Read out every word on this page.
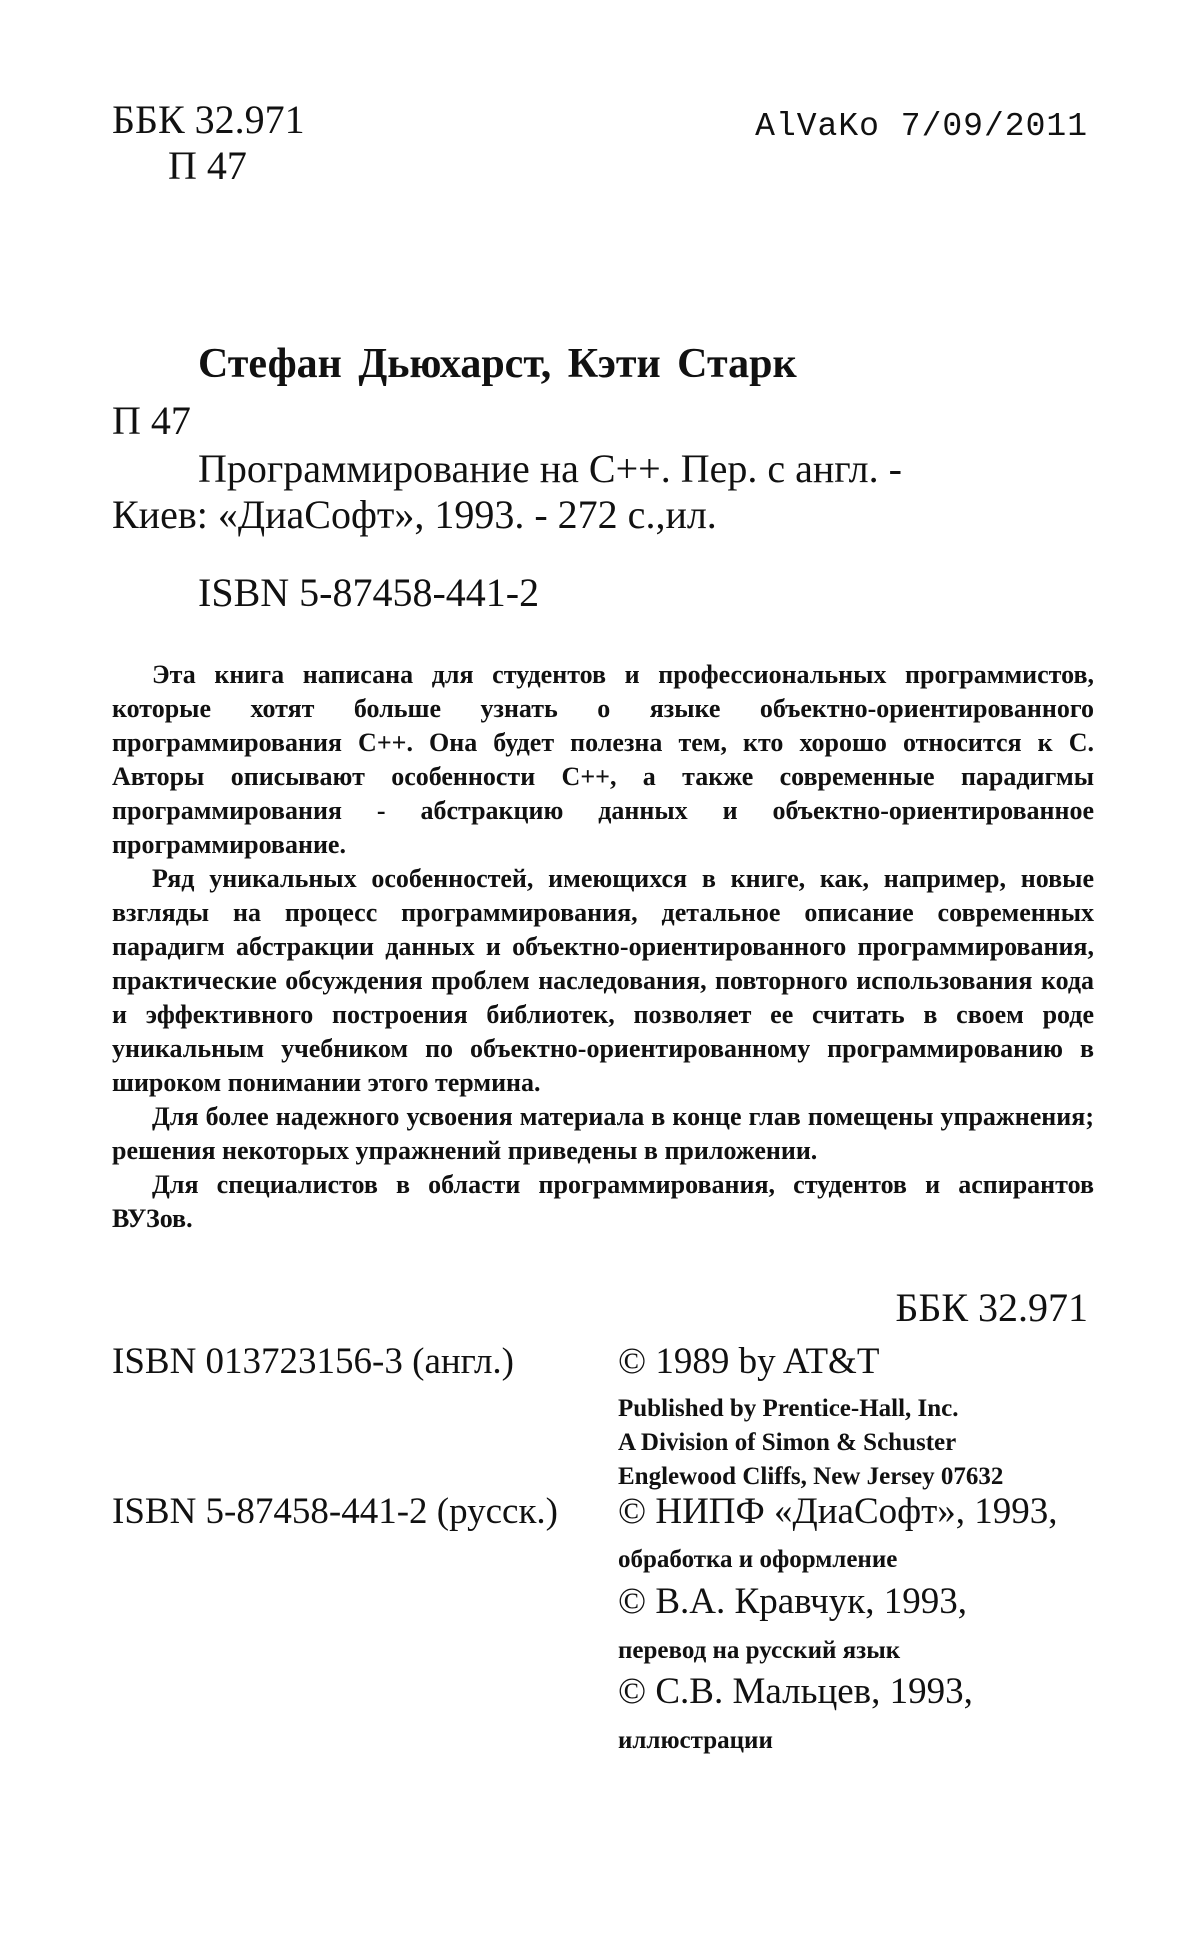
ББК 32.971
П 47
AlVaKo 7/09/2011
Стефан Дьюхарст, Кэти Старк
П 47
Программирование на С++. Пер. с англ. -
Киев: «ДиаСофт», 1993. - 272 с.,ил.
ISBN 5-87458-441-2

Эта книга написана для студентов и профессиональных программистов, которые хотят больше узнать о языке объектно-ориентированного программирования С++. Она будет полезна тем, кто хорошо относится к С. Авторы описывают особенности С++, а также современные парадигмы программирования - абстракцию данных и объектно-ориентированное программирование.

Ряд уникальных особенностей, имеющихся в книге, как, например, новые взгляды на процесс программирования, детальное описание современных парадигм абстракции данных и объектно-ориентированного программирования, практические обсуждения проблем наследования, повторного использования кода и эффективного построения библиотек, позволяет ее считать в своем роде уникальным учебником по объектно-ориентированному программированию в широком понимании этого термина.

Для более надежного усвоения материала в конце глав помещены упражнения; решения некоторых упражнений приведены в приложении.

Для специалистов в области программирования, студентов и аспирантов ВУЗов.

ББК 32.971
ISBN 013723156-3 (англ.)
ISBN 5-87458-441-2 (русск.)
© 1989 by AT&T
Published by Prentice-Hall, Inc.
A Division of Simon & Schuster
Englewood Cliffs, New Jersey 07632
© НИПФ «ДиаСофт», 1993,
обработка и оформление
© В.А. Кравчук, 1993,
перевод на русский язык
© С.В. Мальцев, 1993,
иллюстрации
